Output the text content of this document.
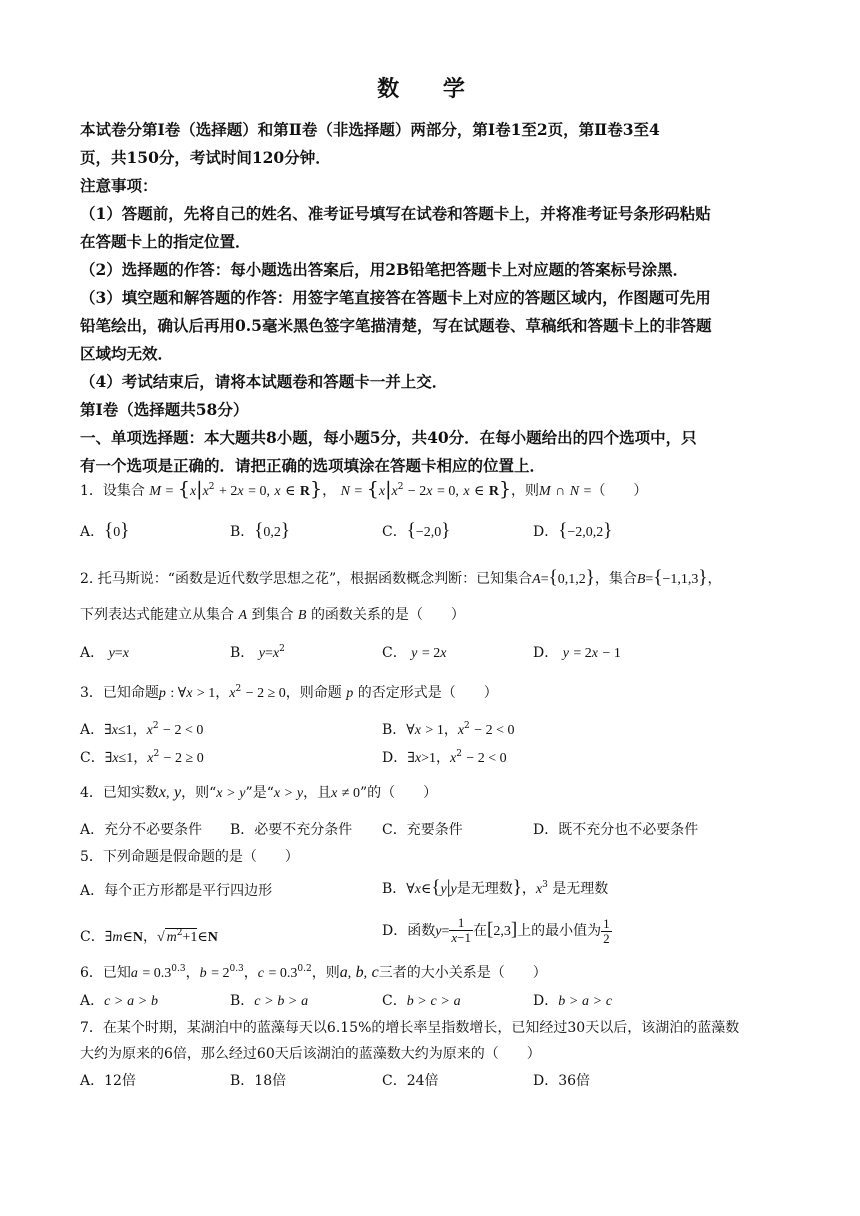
数 学
本试卷分第Ⅰ卷（选择题）和第Ⅱ卷（非选择题）两部分，第Ⅰ卷1至2页，第Ⅱ卷3至4
页，共150分，考试时间120分钟．
注意事项：
（1）答题前，先将自己的姓名、准考证号填写在试卷和答题卡上，并将准考证号条形码粘贴
在答题卡上的指定位置．
（2）选择题的作答：每小题选出答案后，用2B铅笔把答题卡上对应题的答案标号涂黑．
（3）填空题和解答题的作答：用签字笔直接答在答题卡上对应的答题区域内，作图题可先用
铅笔绘出，确认后再用0.5毫米黑色签字笔描清楚，写在试题卷、草稿纸和答题卡上的非答题
区域均无效．
（4）考试结束后，请将本试题卷和答题卡一并上交．
第Ⅰ卷（选择题共58分）
一、单项选择题：本大题共8小题，每小题5分，共40分．在每小题给出的四个选项中，只
有一个选项是正确的．请把正确的选项填涂在答题卡相应的位置上．
1．设集合 $M = \{x|x^2 + 2x = 0$, x ∈ R}， $N = \{x|x^2 - 2x = 0$, x ∈ R}，则M ∩ N =（　　）
A．{0}	B．{0,2}	C．{−2,0}	D．{−2,0,2}
2. 托马斯说：“函数是近代数学思想之花”，根据函数概念判断：已知集合A={0,1,2}，集合B={−1,1,3}，
下列表达式能建立从集合 A 到集合 B 的函数关系的是（　　）
A． y=x	B． $y=x^2$	C． y = 2x	D． y = 2x − 1
3．已知命题p : ∀x > 1，$x^2 - 2 \ge 0$，则命题 p 的否定形式是（　　）
A．∃x≤1，$x^2 - 2 < 0$	B．∀x > 1，$x^2 - 2 < 0$
C．∃x≤1，$x^2 - 2 \ge 0$	D．∃x>1，$x^2 - 2 < 0$
4．已知实数x, y，则“x > y”是“x > y，且x ≠ 0”的（　　）
A．充分不必要条件 B．必要不充分条件 C．充要条件	D．既不充分也不必要条件
5．下列命题是假命题的是（　　）
A．每个正方形都是平行四边形	B．∀x∈{y|y是无理数}，$x^3$ 是无理数
C．∃m∈N，√ $m^2+1\in N$	D．函数$y= \frac{1}{x-1}$ 在[2,3]上的最小值为 $\frac{1}{2}$
6．已知$a = 0.3^{0.3}$，$b = 2^{0.3}$，$c = 0.3^{0.2}$，则a, b, c三者的大小关系是（　　）
A．c > a > b	B．c > b > a	C．b > c > a	D．b > a > c
7．在某个时期，某湖泊中的蓝藻每天以6.15%的增长率呈指数增长，已知经过30天以后，该湖泊的蓝藻数
大约为原来的6倍，那么经过60天后该湖泊的蓝藻数大约为原来的（　　）
A．12倍	B．18倍	C．24倍	D．36倍
